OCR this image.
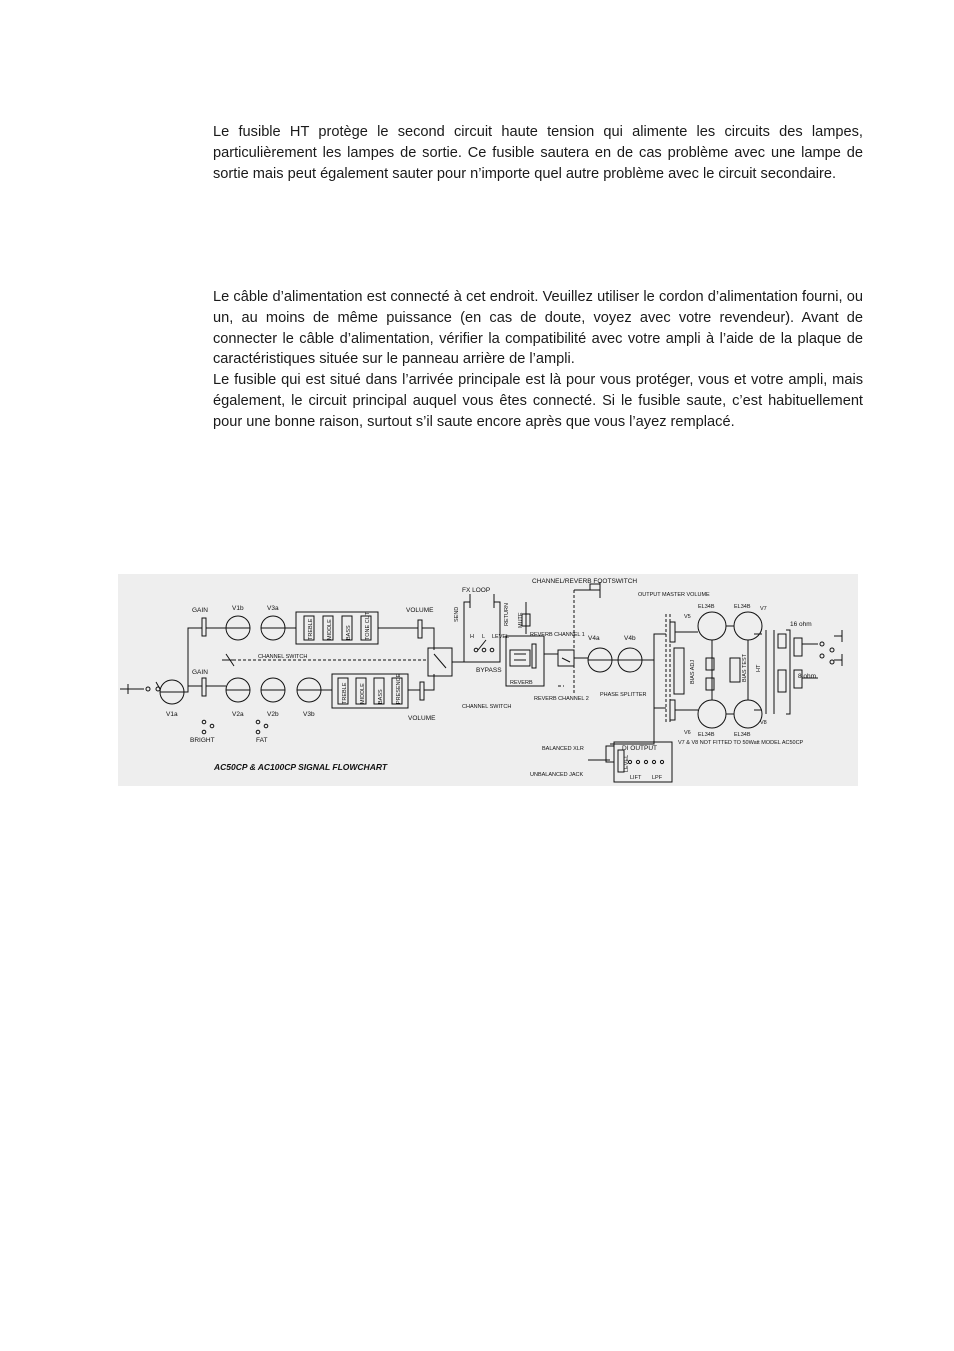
Le fusible HT protège le second circuit haute tension qui alimente les circuits des lampes, particulièrement les lampes de sortie. Ce fusible sautera en de cas problème avec une lampe de sortie mais peut également sauter pour n’importe quel autre problème avec le circuit secondaire.

Le câble d’alimentation est connecté à cet endroit. Veuillez utiliser le cordon d’alimentation fourni, ou un, au moins de même puissance (en cas de doute, voyez avec votre revendeur). Avant de connecter le câble d’alimentation, vérifier la compatibilité avec votre ampli à l’aide de la plaque de caractéristiques située sur le panneau arrière de l’ampli.

Le fusible qui est situé dans l’arrivée principale est là pour vous protéger, vous et votre ampli, mais également, le circuit principal auquel vous êtes connecté. Si le fusible saute, c’est habituellement pour une bonne raison, surtout s’il saute encore après que vous l’ayez remplacé.

GAIN
GAIN
V1b	V3a
V1a	V2a	V2b	V3b
TREBLE MIDDLE BASS TONE CUT
TREBLE MIDDLE BASS PRESENCE
VOLUME
VOLUME
CHANNEL SWITCH
CHANNEL SWITCH
BRIGHT	FAT
FX LOOP
SEND	RETURN
H L LEVEL
BYPASS
MUTE
REVERB
REVERB CHANNEL 1
REVERB CHANNEL 2
CHANNEL/REVERB FOOTSWITCH
V4a	V4b
PHASE SPLITTER
OUTPUT MASTER VOLUME
V5
V6
V7
V8
EL34B	EL34B
EL34B	EL34B
BIAS ADJ	BIAS TEST HT
16 ohm
8 ohm
V7 & V8 NOT FITTED TO 50Watt MODEL AC50CP
DI OUTPUT
LEVEL
LIFT LPF
BALANCED XLR
UNBALANCED JACK
AC50CP & AC100CP SIGNAL FLOWCHART
